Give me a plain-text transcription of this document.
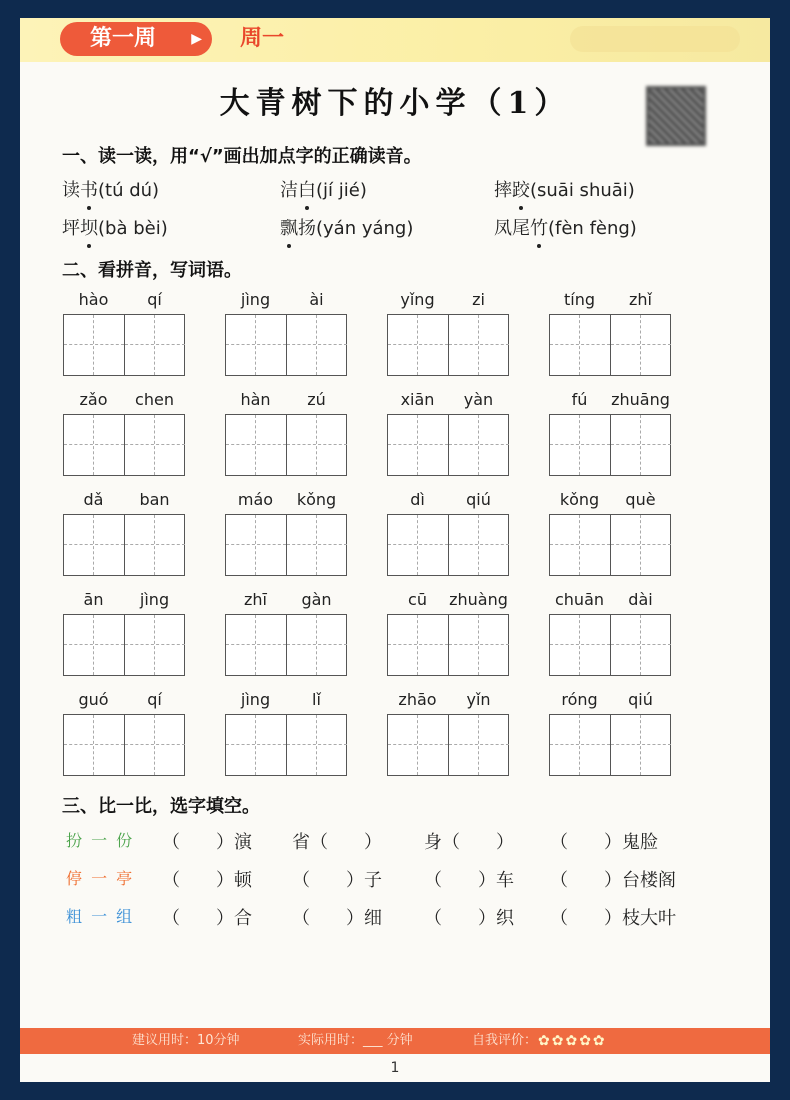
第一周	▶ 周一
大青树下的小学（1）
一、读一读，用“√”画出加点字的正确读音。
读书(tú dú)	洁白(jí jié)	摔跤(suāi shuāi)
坪坝(bà bèi)	飘扬(yán yáng)	凤尾竹(fèn fèng)
二、看拼音，写词语。
hào	qí	jìng	ài	yǐng	zi	tíng	zhǐ
zǎo	chen	hàn	zú	xiān	yàn	fú	zhuāng
dǎ	ban	máo	kǒng	dì	qiú	kǒng	què
ān	jìng	zhī	gàn	cū	zhuàng	chuān	dài
guó	qí	jìng	lǐ	zhāo	yǐn	róng	qiú
三、比一比，选字填空。
扮 一 份 （　　）演 省（　　） 身（　　） （　　）鬼脸
停 一 亭 （　　）顿 （　　）子 （　　）车 （　　）台楼阁
粗 一 组 （　　）合 （　　）细 （　　）织 （　　）枝大叶
建议用时：10分钟	实际用时：___ 分钟	自我评价： ✿✿✿✿✿
1
